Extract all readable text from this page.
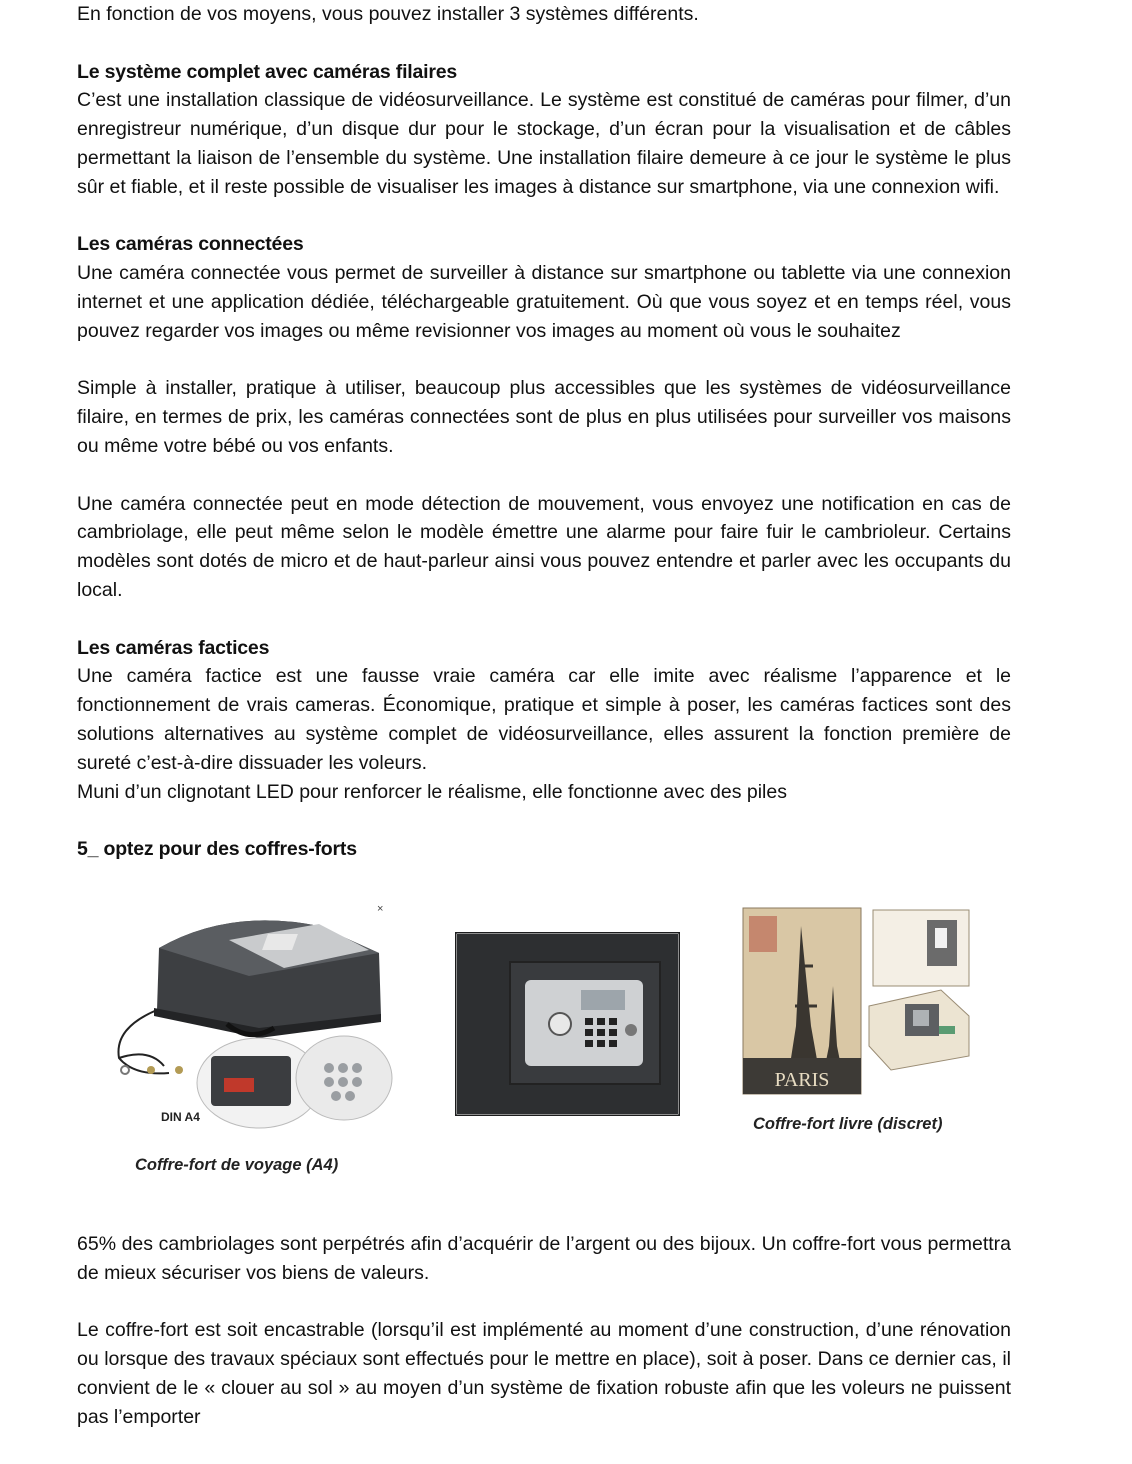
En fonction de vos moyens, vous pouvez installer 3 systèmes différents.

Le système complet avec caméras filaires

C’est une installation classique de vidéosurveillance. Le système est constitué de caméras pour filmer, d’un enregistreur numérique, d’un disque dur pour le stockage, d’un écran pour la visualisation et de câbles permettant la liaison de l’ensemble du système. Une installation filaire demeure à ce jour le système le plus sûr et fiable, et il reste possible de visualiser les images à distance sur smartphone, via une connexion wifi.

Les caméras connectées

Une caméra connectée vous permet de surveiller à distance sur smartphone ou tablette via une connexion internet et une application dédiée, téléchargeable gratuitement. Où que vous soyez et en temps réel, vous pouvez regarder vos images ou même revisionner vos images au moment où vous le souhaitez

Simple à installer, pratique à utiliser, beaucoup plus accessibles que les systèmes de vidéosurveillance filaire, en termes de prix, les caméras connectées sont de plus en plus utilisées pour surveiller vos maisons ou même votre bébé ou vos enfants.

Une caméra connectée peut en mode détection de mouvement, vous envoyez une notification en cas de cambriolage, elle peut même selon le modèle émettre une alarme pour faire fuir le cambrioleur. Certains modèles sont dotés de micro et de haut-parleur ainsi vous pouvez entendre et parler avec les occupants du local.

Les caméras factices

Une caméra factice est une fausse vraie caméra car elle imite avec réalisme l’apparence et le fonctionnement de vrais cameras. Économique, pratique et simple à poser, les caméras factices sont des solutions alternatives au système complet de vidéosurveillance, elles assurent la fonction première de sureté c’est-à-dire dissuader les voleurs.

Muni d’un clignotant LED pour renforcer le réalisme, elle fonctionne avec des piles

5_ optez pour des coffres-forts
×
DIN A4
Coffre-fort de voyage (A4)
PARIS
Coffre-fort livre (discret)

65% des cambriolages sont perpétrés afin d’acquérir de l’argent ou des bijoux. Un coffre-fort vous permettra de mieux sécuriser vos biens de valeurs.

Le coffre-fort est soit encastrable (lorsqu’il est implémenté au moment d’une construction, d’une rénovation ou lorsque des travaux spéciaux sont effectués pour le mettre en place), soit à poser. Dans ce dernier cas, il convient de le « clouer au sol » au moyen d’un système de fixation robuste afin que les voleurs ne puissent pas l’emporter
